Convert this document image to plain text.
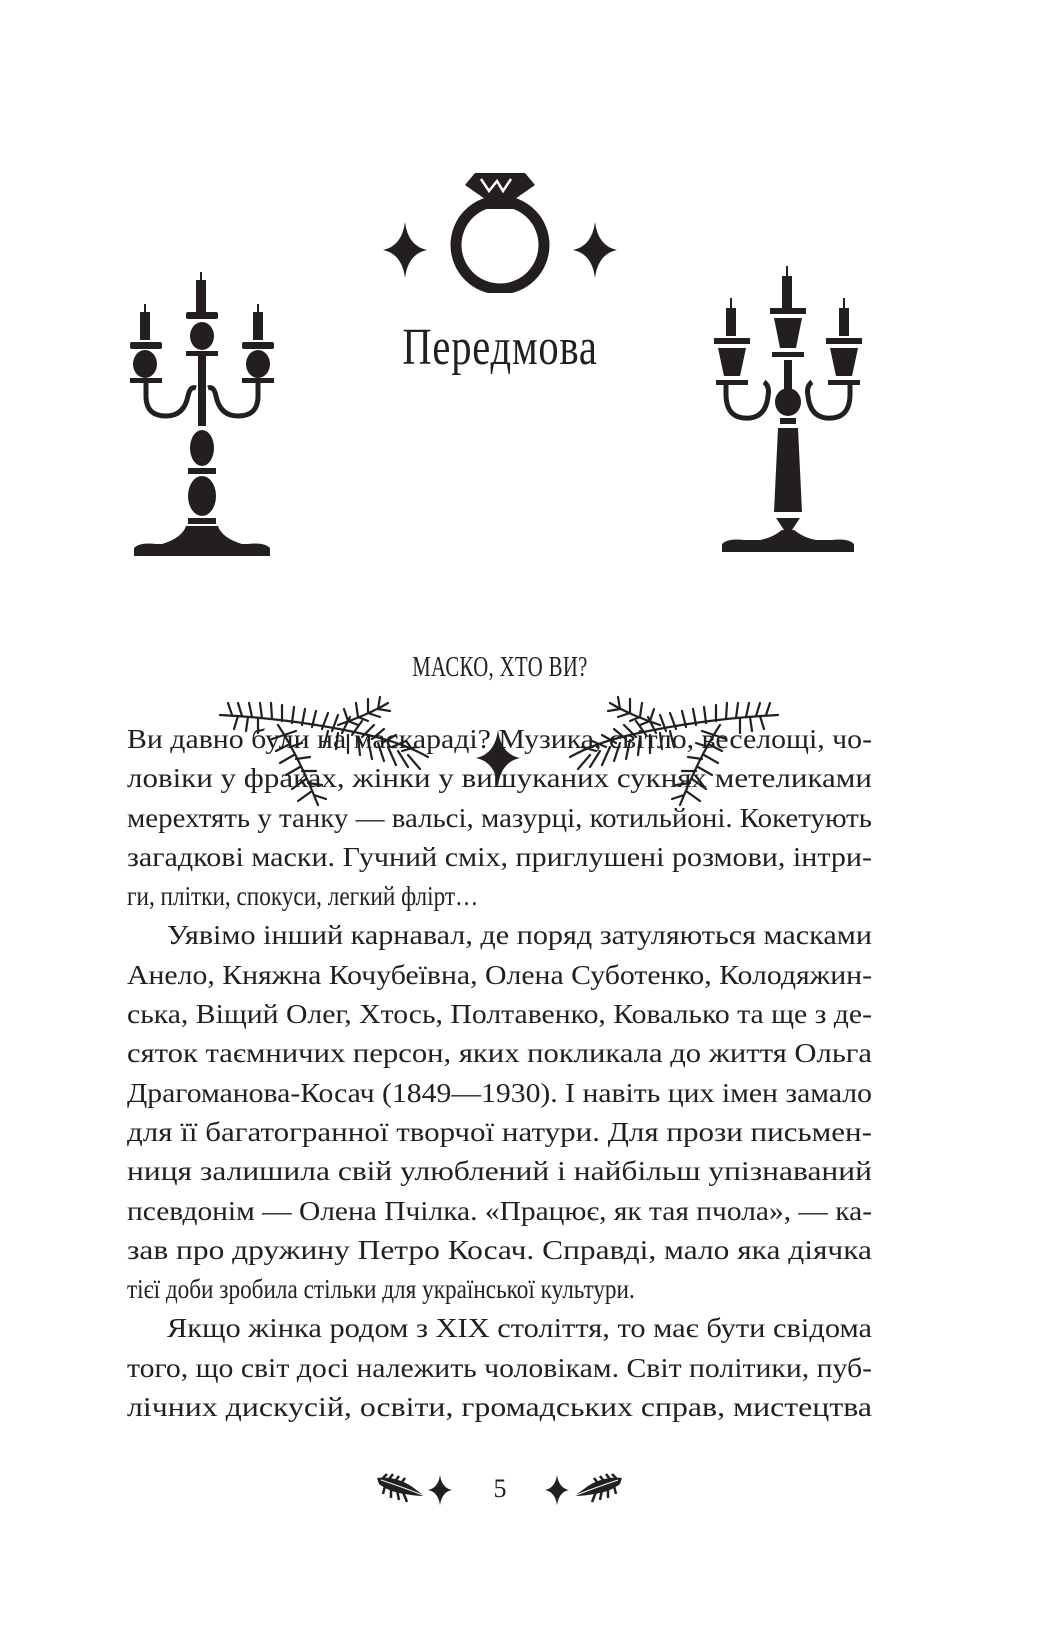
Передмова
МАСКО, ХТО ВИ?
Ви давно були на маскараді? Музика, світло, веселощі, чо-
ловіки у фраках, жінки у вишуканих сукнях метеликами
мерехтять у танку — вальсі, мазурці, котильйоні. Кокетують
загадкові маски. Гучний сміх, приглушені розмови, інтри-
ги, плітки, спокуси, легкий флірт…
Уявімо інший карнавал, де поряд затуляються масками
Анело, Княжна Кочубеївна, Олена Суботенко, Колодяжин-
ська, Віщий Олег, Хтось, Полтавенко, Ковалько та ще з де-
сяток таємничих персон, яких покликала до життя Ольга
Драгоманова-Косач (1849—1930). І навіть цих імен замало
для її багатогранної творчої натури. Для прози письмен-
ниця залишила свій улюблений і найбільш упізнаваний
псевдонім — Олена Пчілка. «Працює, як тая пчола», — ка-
зав про дружину Петро Косач. Справді, мало яка діячка
тієї доби зробила стільки для української культури.
Якщо жінка родом з XIX століття, то має бути свідома
того, що світ досі належить чоловікам. Світ політики, пуб-
лічних дискусій, освіти, громадських справ, мистецтва
5
